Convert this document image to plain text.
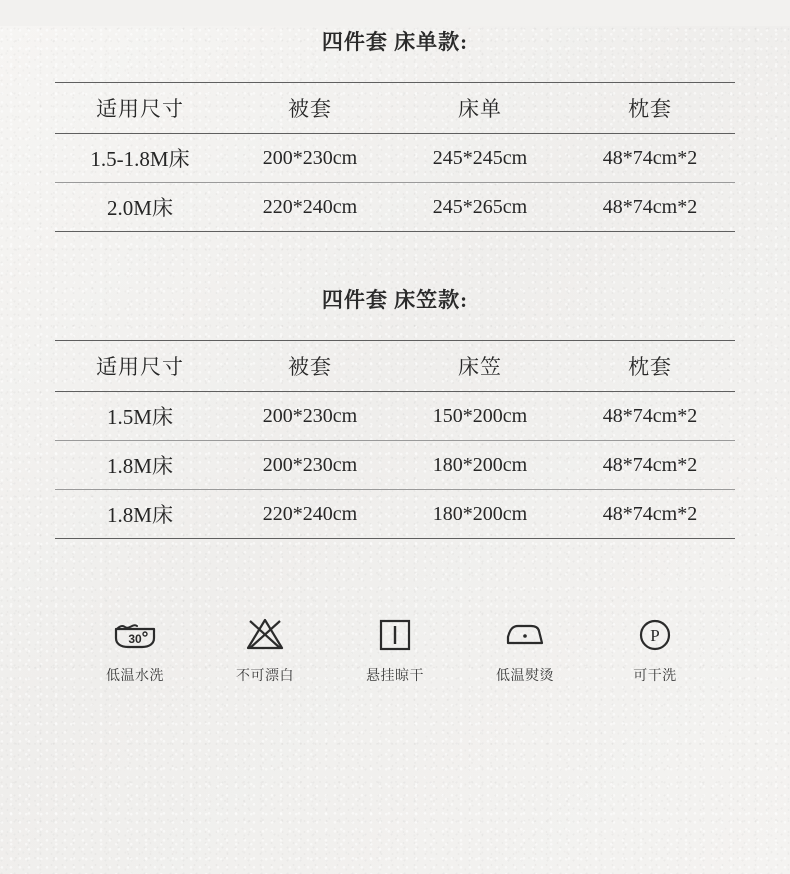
四件套 床单款:
适用尺寸	被套	床单	枕套
1.5-1.8M床	200*230cm	245*245cm	48*74cm*2
2.0M床	220*240cm	245*265cm	48*74cm*2
四件套 床笠款:
适用尺寸	被套	床笠	枕套
1.5M床	200*230cm	150*200cm	48*74cm*2
1.8M床	200*230cm	180*200cm	48*74cm*2
1.8M床	220*240cm	180*200cm	48*74cm*2
30
低温水洗	不可漂白	悬挂晾干	低温熨烫
P
可干洗
